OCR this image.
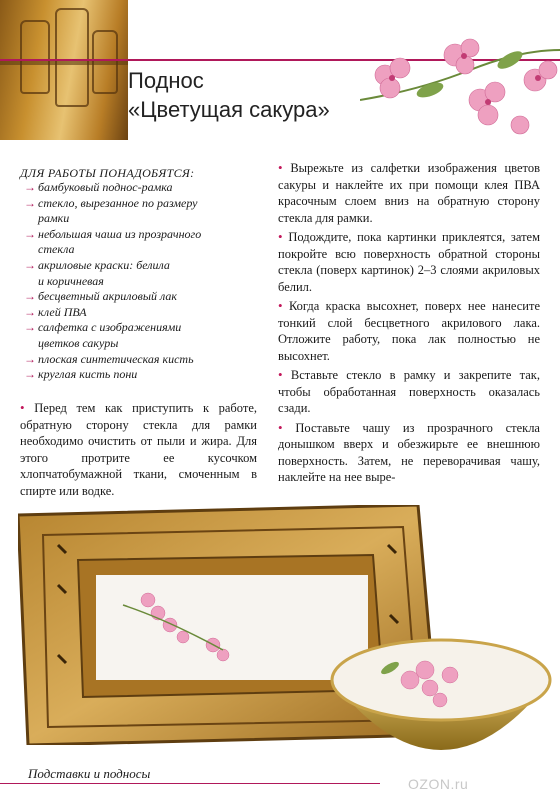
Поднос
«Цветущая сакура»
ДЛЯ РАБОТЫ ПОНАДОБЯТСЯ:
→ бамбуковый поднос-рамка
→ стекло, вырезанное по размеру
рамки
→ небольшая чаша из прозрачного
стекла
→ акриловые краски: белила
и коричневая
→ бесцветный акриловый лак
→ клей ПВА
→ салфетка с изображениями
цветков сакуры
→ плоская синтетическая кисть
→ круглая кисть пони

• Перед тем как приступить к работе, обратную сторону стекла для рамки необходимо очистить от пыли и жира. Для этого протрите ее кусочком хлопчатобумажной ткани, смоченным в спирте или водке.

• Вырежьте из салфетки изображения цветов сакуры и наклейте их при помощи клея ПВА красочным слоем вниз на обратную сторону стекла для рамки.

• Подождите, пока картинки приклеятся, затем покройте всю поверхность обратной стороны стекла (поверх картинок) 2–3 слоями акриловых белил.

• Когда краска высохнет, поверх нее нанесите тонкий слой бесцветного акрилового лака. Отложите работу, пока лак полностью не высохнет.

• Вставьте стекло в рамку и закрепите так, чтобы обработанная поверхность оказалась сзади.

• Поставьте чашу из прозрачного стекла донышком вверх и обезжирьте ее внешнюю поверхность. Затем, не переворачивая чашу, наклейте на нее выре-

Подставки и подносы
OZON.ru
